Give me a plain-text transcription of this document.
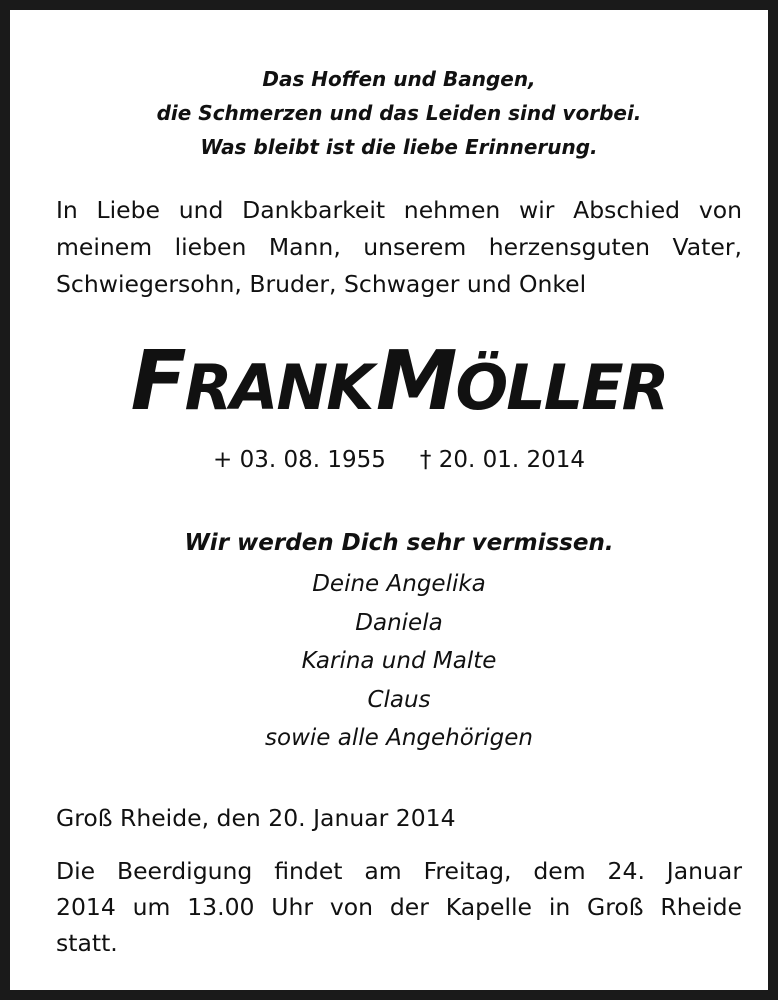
Das Hoffen und Bangen,
die Schmerzen und das Leiden sind vorbei.
Was bleibt ist die liebe Erinnerung.
In Liebe und Dankbarkeit nehmen wir Abschied von
meinem lieben Mann, unserem herzensguten Vater,
Schwiegersohn, Bruder, Schwager und Onkel
FRANK MÖLLER
+ 03. 08. 1955 † 20. 01. 2014
Wir werden Dich sehr vermissen.
Deine Angelika
Daniela
Karina und Malte
Claus
sowie alle Angehörigen
Groß Rheide, den 20. Januar 2014
Die Beerdigung findet am Freitag, dem 24. Januar
2014 um 13.00 Uhr von der Kapelle in Groß Rheide
statt.
